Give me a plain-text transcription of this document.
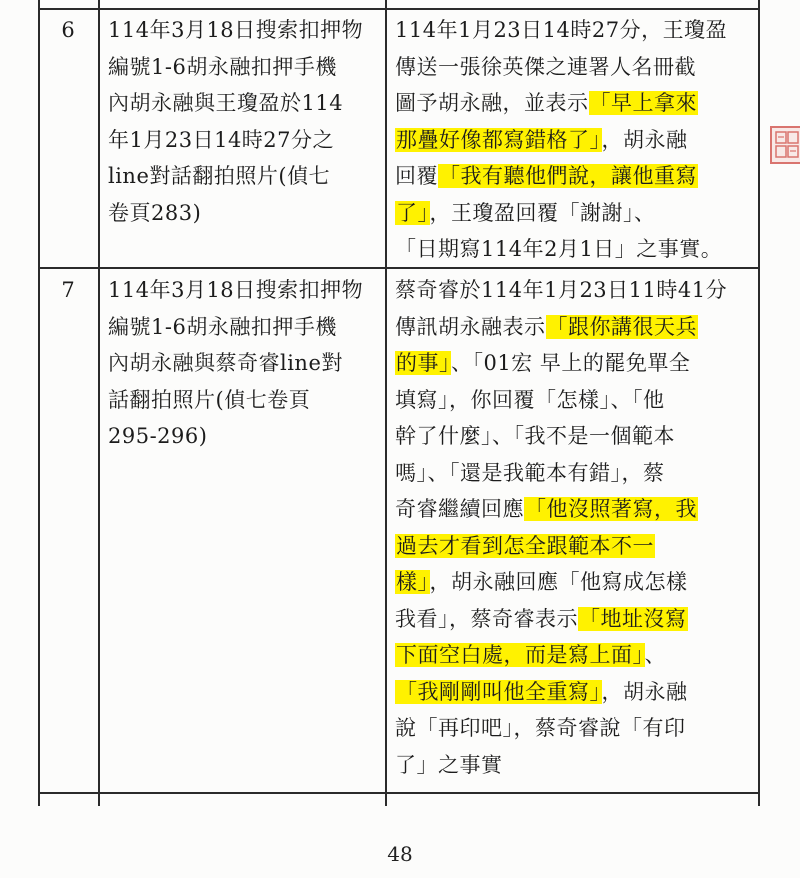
6	114年3月18日搜索扣押物
編號1-6胡永融扣押手機
內胡永融與王瓊盈於114
年1月23日14時27分之
line對話翻拍照片(偵七
卷頁283)
114年1月23日14時27分，王瓊盈
傳送一張徐英傑之連署人名冊截
圖予胡永融，並表示「早上拿來
那疊好像都寫錯格了」，胡永融
回覆「我有聽他們說，讓他重寫
了」，王瓊盈回覆「謝謝」、
「日期寫114年2月1日」之事實。
7	114年3月18日搜索扣押物
編號1-6胡永融扣押手機
內胡永融與蔡奇睿line對
話翻拍照片(偵七卷頁
295-296)
蔡奇睿於114年1月23日11時41分
傳訊胡永融表示「跟你講很天兵
的事」、「01宏 早上的罷免單全
填寫」，你回覆「怎樣」、「他
幹了什麼」、「我不是一個範本
嗎」、「還是我範本有錯」，蔡
奇睿繼續回應「他沒照著寫，我
過去才看到怎全跟範本不一
樣」，胡永融回應「他寫成怎樣
我看」，蔡奇睿表示「地址沒寫
下面空白處，而是寫上面」、
「我剛剛叫他全重寫」，胡永融
說「再印吧」，蔡奇睿說「有印
了」之事實
48
